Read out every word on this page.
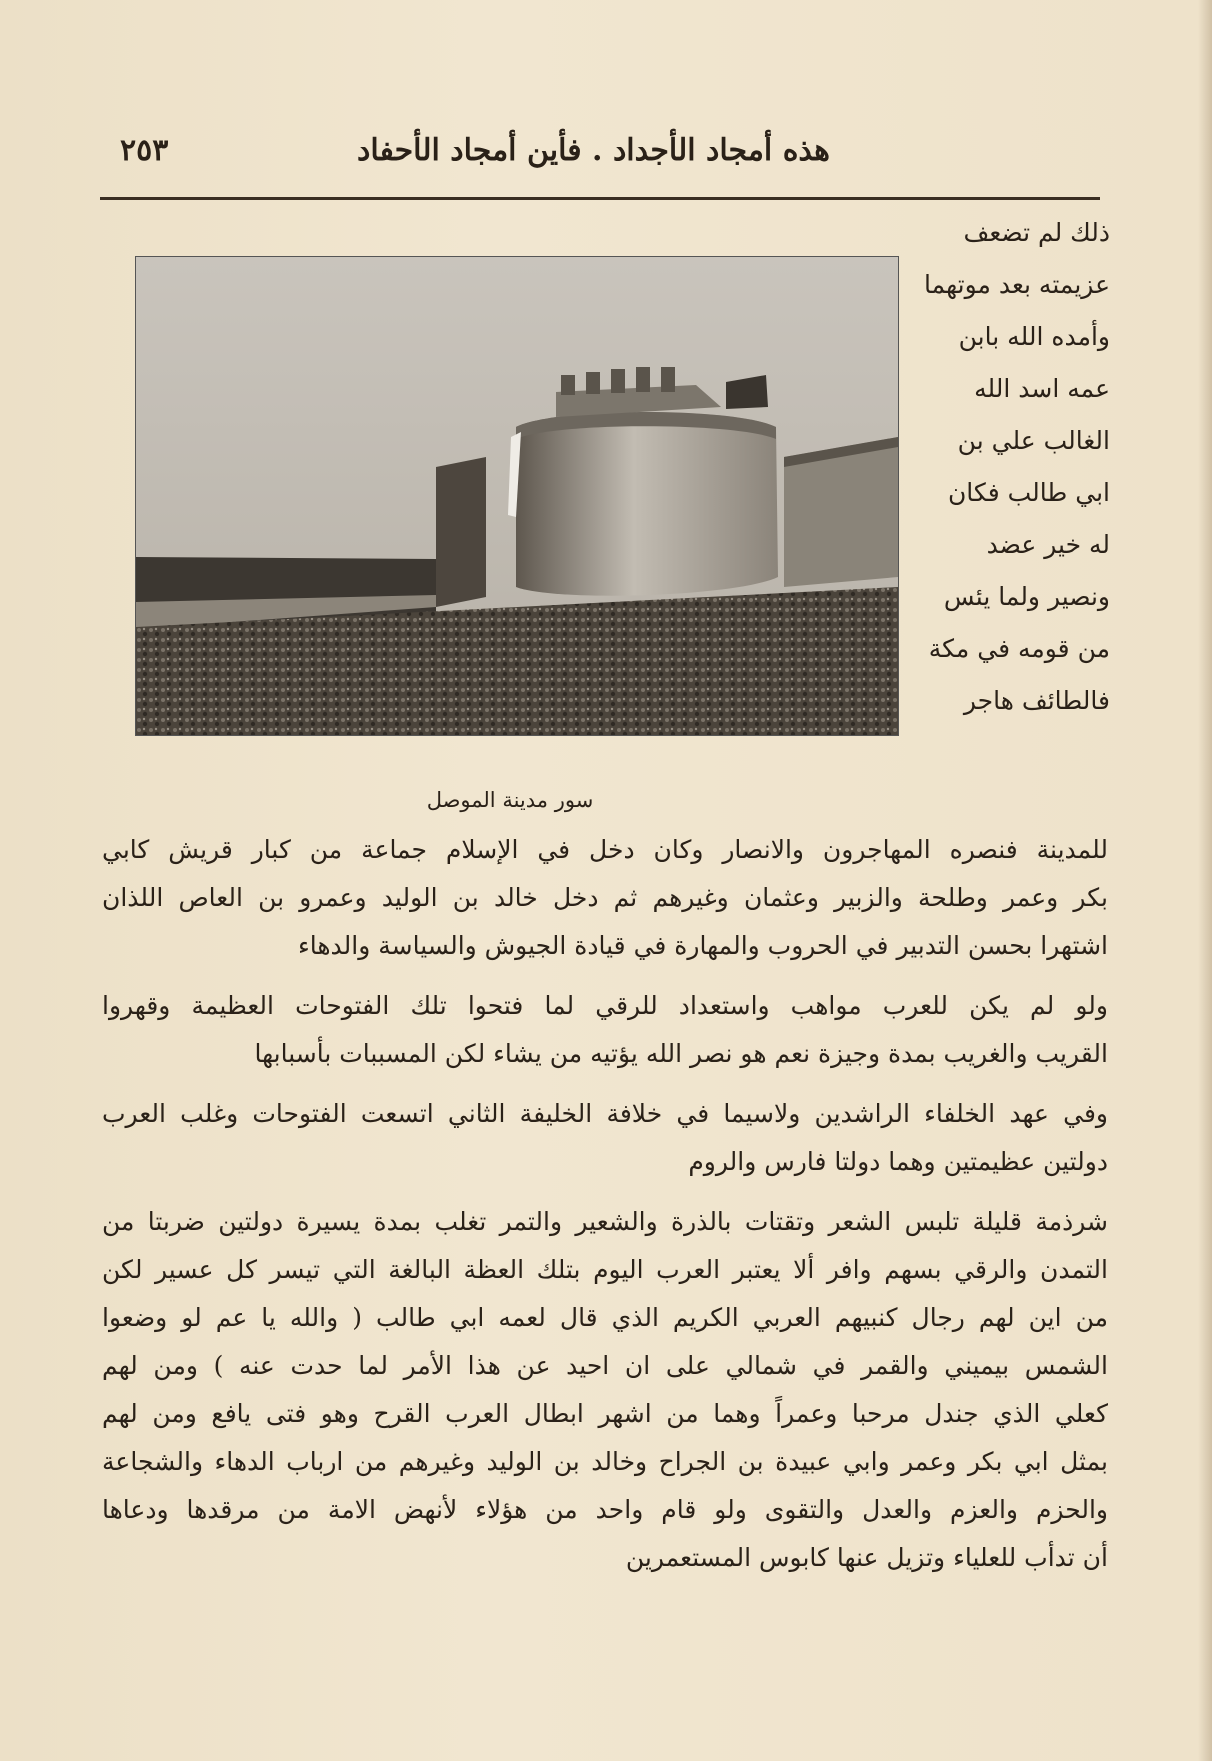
هذه أمجاد الأجداد . فأين أمجاد الأحفاد
٢٥٣
ذلك لم تضعف
عزيمته بعد موتهما
وأمده الله بابن
عمه اسد الله
الغالب علي بن
ابي طالب فكان
له خير عضد
ونصير ولما يئس
من قومه في مكة
فالطائف هاجر
سور مدينة الموصل
للمدينة فنصره المهاجرون والانصار وكان دخل في الإسلام جماعة من كبار قريش كابي
بكر وعمر وطلحة والزبير وعثمان وغيرهم ثم دخل خالد بن الوليد وعمرو بن العاص اللذان
اشتهرا بحسن التدبير في الحروب والمهارة في قيادة الجيوش والسياسة والدهاء
ولو لم يكن للعرب مواهب واستعداد للرقي لما فتحوا تلك الفتوحات العظيمة وقهروا
القريب والغريب بمدة وجيزة نعم هو نصر الله يؤتيه من يشاء لكن المسببات بأسبابها
وفي عهد الخلفاء الراشدين ولاسيما في خلافة الخليفة الثاني اتسعت الفتوحات وغلب العرب
دولتين عظيمتين وهما دولتا فارس والروم
شرذمة قليلة تلبس الشعر وتقتات بالذرة والشعير والتمر تغلب بمدة يسيرة دولتين ضربتا من
التمدن والرقي بسهم وافر ألا يعتبر العرب اليوم بتلك العظة البالغة التي تيسر كل عسير لكن
من اين لهم رجال كنبيهم العربي الكريم الذي قال لعمه ابي طالب ( والله يا عم لو وضعوا
الشمس بيميني والقمر في شمالي على ان احيد عن هذا الأمر لما حدت عنه ) ومن لهم
كعلي الذي جندل مرحبا وعمراً وهما من اشهر ابطال العرب القرح وهو فتى يافع ومن لهم
بمثل ابي بكر وعمر وابي عبيدة بن الجراح وخالد بن الوليد وغيرهم من ارباب الدهاء والشجاعة
والحزم والعزم والعدل والتقوى ولو قام واحد من هؤلاء لأنهض الامة من مرقدها ودعاها
أن تدأب للعلياء وتزيل عنها كابوس المستعمرين
